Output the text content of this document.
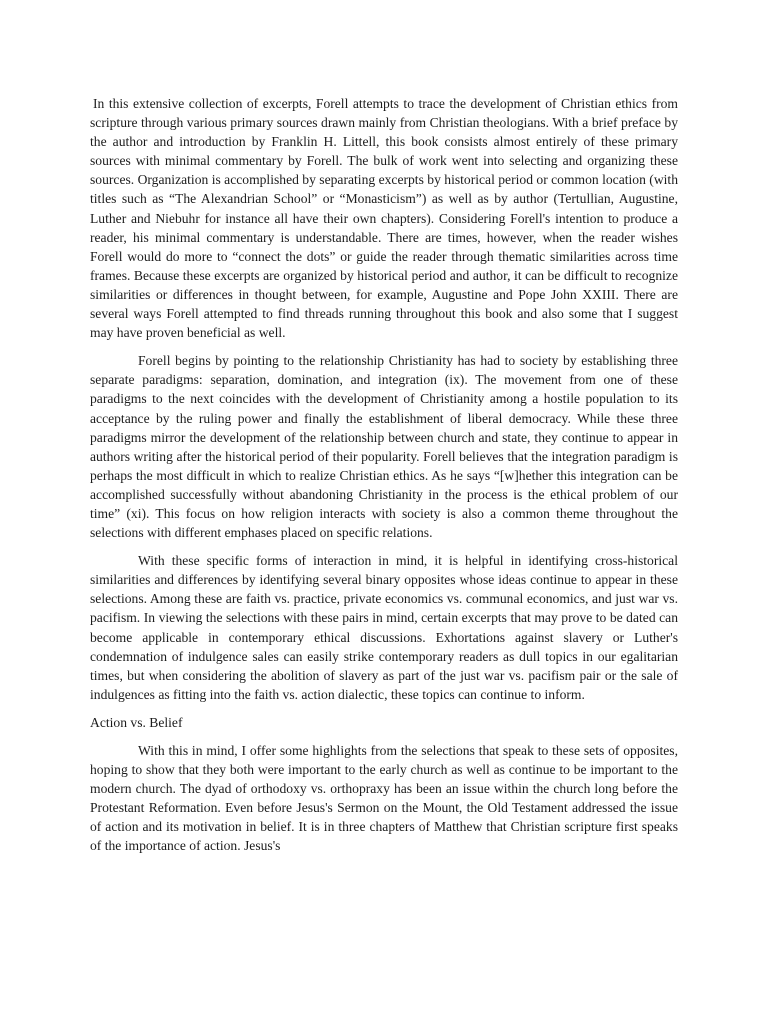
In this extensive collection of excerpts, Forell attempts to trace the development of Christian ethics from scripture through various primary sources drawn mainly from Christian theologians. With a brief preface by the author and introduction by Franklin H. Littell, this book consists almost entirely of these primary sources with minimal commentary by Forell. The bulk of work went into selecting and organizing these sources. Organization is accomplished by separating excerpts by historical period or common location (with titles such as “The Alexandrian School” or “Monasticism”) as well as by author (Tertullian, Augustine, Luther and Niebuhr for instance all have their own chapters). Considering Forell's intention to produce a reader, his minimal commentary is understandable. There are times, however, when the reader wishes Forell would do more to “connect the dots” or guide the reader through thematic similarities across time frames. Because these excerpts are organized by historical period and author, it can be difficult to recognize similarities or differences in thought between, for example, Augustine and Pope John XXIII. There are several ways Forell attempted to find threads running throughout this book and also some that I suggest may have proven beneficial as well.

Forell begins by pointing to the relationship Christianity has had to society by establishing three separate paradigms: separation, domination, and integration (ix). The movement from one of these paradigms to the next coincides with the development of Christianity among a hostile population to its acceptance by the ruling power and finally the establishment of liberal democracy. While these three paradigms mirror the development of the relationship between church and state, they continue to appear in authors writing after the historical period of their popularity. Forell believes that the integration paradigm is perhaps the most difficult in which to realize Christian ethics. As he says “[w]hether this integration can be accomplished successfully without abandoning Christianity in the process is the ethical problem of our time” (xi). This focus on how religion interacts with society is also a common theme throughout the selections with different emphases placed on specific relations.

With these specific forms of interaction in mind, it is helpful in identifying cross-historical similarities and differences by identifying several binary opposites whose ideas continue to appear in these selections. Among these are faith vs. practice, private economics vs. communal economics, and just war vs. pacifism. In viewing the selections with these pairs in mind, certain excerpts that may prove to be dated can become applicable in contemporary ethical discussions. Exhortations against slavery or Luther's condemnation of indulgence sales can easily strike contemporary readers as dull topics in our egalitarian times, but when considering the abolition of slavery as part of the just war vs. pacifism pair or the sale of indulgences as fitting into the faith vs. action dialectic, these topics can continue to inform.

Action vs. Belief

With this in mind, I offer some highlights from the selections that speak to these sets of opposites, hoping to show that they both were important to the early church as well as continue to be important to the modern church. The dyad of orthodoxy vs. orthopraxy has been an issue within the church long before the Protestant Reformation. Even before Jesus's Sermon on the Mount, the Old Testament addressed the issue of action and its motivation in belief. It is in three chapters of Matthew that Christian scripture first speaks of the importance of action. Jesus's
